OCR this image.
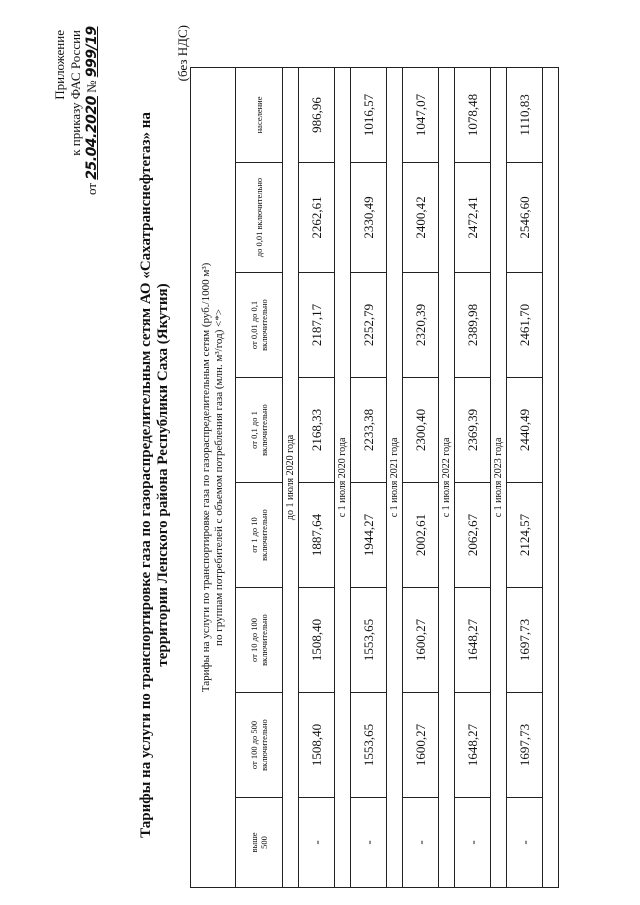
Приложение к приказу ФАС России
от 25.04.2020 № 999/19
Тарифы на услуги по транспортировке газа по газораспределительным сетям АО «Сахатранснефтегаз» на территории Ленского района Республики Саха (Якутия)
(без НДС)
Тарифы на услуги по транспортировке газа по газораспределительным сетям (руб./1000 м³) по группам потребителей с объемом потребления газа (млн. м³/год) <*>							

выше 500	от 100 до 500 включительно	от 10 до 100 включительно	от 1 до 10 включительно	от 0,1 до 1 включительно	от 0,01 до 0,1 включительно	до 0,01 включительно	население

до 1 июля 2020 года							
-	1508,40	1508,40	1887,64	2168,33	2187,17	2262,61	986,96
с 1 июля 2020 года							
-	1553,65	1553,65	1944,27	2233,38	2252,79	2330,49	1016,57
с 1 июля 2021 года							
-	1600,27	1600,27	2002,61	2300,40	2320,39	2400,42	1047,07
с 1 июля 2022 года							
-	1648,27	1648,27	2062,67	2369,39	2389,98	2472,41	1078,48
с 1 июля 2023 года							
-	1697,73	1697,73	2124,57	2440,49	2461,70	2546,60	1110,83
